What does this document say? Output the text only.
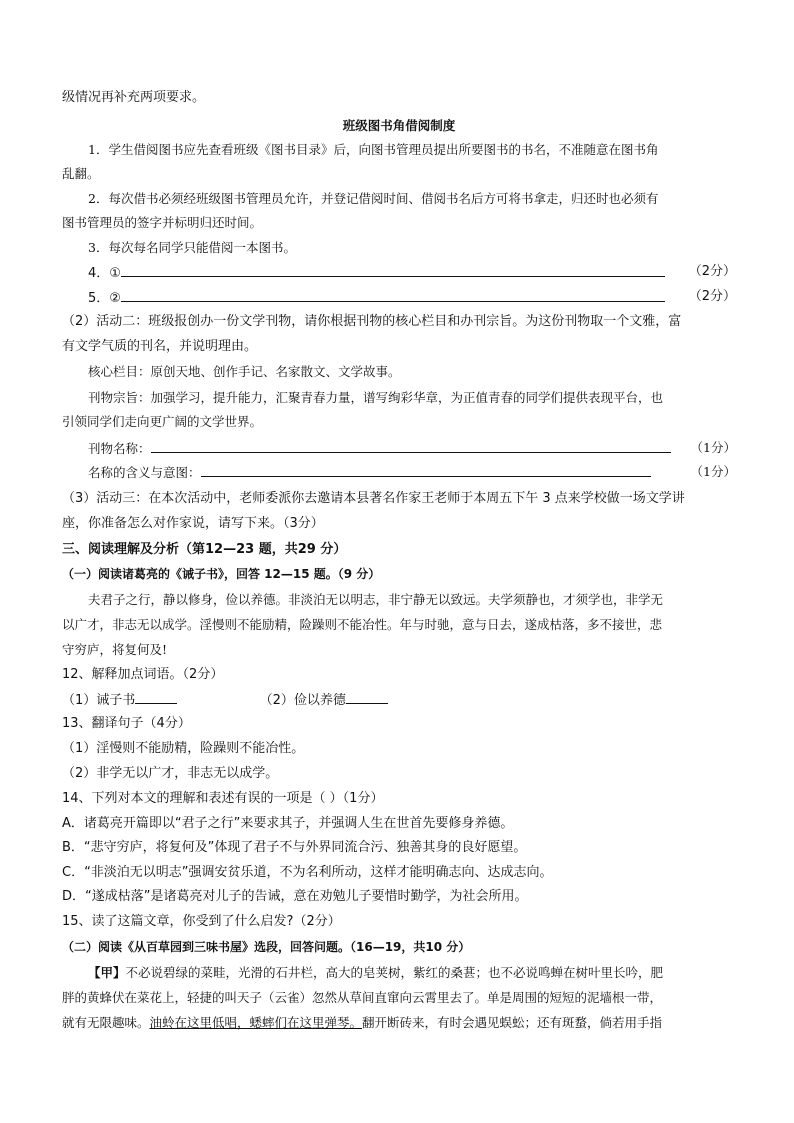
级情况再补充两项要求。
班级图书角借阅制度
1．学生借阅图书应先查看班级《图书目录》后，向图书管理员提出所要图书的书名，不准随意在图书角
乱翻。
2．每次借书必须经班级图书管理员允许，并登记借阅时间、借阅书名后方可将书拿走，归还时也必须有
图书管理员的签字并标明归还时间。
3．每次每名同学只能借阅一本图书。
4．①	（2分）
5．②	（2分）
（2）活动二：班级报创办一份文学刊物，请你根据刊物的核心栏目和办刊宗旨。为这份刊物取一个文雅，富
有文学气质的刊名，并说明理由。
核心栏目：原创天地、创作手记、名家散文、文学故事。
刊物宗旨：加强学习，提升能力，汇聚青春力量，谱写绚彩华章，为正值青春的同学们提供表现平台，也
引领同学们走向更广阔的文学世界。
刊物名称：	（1分）
名称的含义与意图：	（1分）
（3）活动三：在本次活动中，老师委派你去邀请本县著名作家王老师于本周五下午 3 点来学校做一场文学讲
座，你准备怎么对作家说，请写下来。（3分）
三、阅读理解及分析（第12—23 题，共29 分）
（一）阅读诸葛亮的《诫子书》，回答 12—15 题。（9 分）
夫君子之行，静以修身，俭以养德。非淡泊无以明志，非宁静无以致远。夫学须静也，才须学也，非学无
以广才，非志无以成学。淫慢则不能励精，险躁则不能冶性。年与时驰，意与日去，遂成枯落，多不接世，悲
守穷庐，将复何及!
12、解释加点词语。（2分）
（1）诫子书	（2）俭以养德
13、翻译句子（4分）
（1）淫慢则不能励精，险躁则不能冶性。
（2）非学无以广才，非志无以成学。
14、下列对本文的理解和表述有误的一项是（ ）（1分）
A．诸葛亮开篇即以“君子之行”来要求其子，并强调人生在世首先要修身养德。
B．“悲守穷庐，将复何及”体现了君子不与外界同流合污、独善其身的良好愿望。
C．“非淡泊无以明志”强调安贫乐道，不为名利所动，这样才能明确志向、达成志向。
D．“遂成枯落”是诸葛亮对儿子的告诫，意在劝勉儿子要惜时勤学，为社会所用。
15、读了这篇文章，你受到了什么启发?（2分）
（二）阅读《从百草园到三味书屋》选段，回答问题。（16—19，共10 分）
【甲】不必说碧绿的菜畦，光滑的石井栏，高大的皂荚树，紫红的桑葚；也不必说鸣蝉在树叶里长吟，肥
胖的黄蜂伏在菜花上，轻捷的叫天子（云雀）忽然从草间直窜向云霄里去了。单是周围的短短的泥墙根一带，
就有无限趣味。油蛉在这里低唱，蟋蟀们在这里弹琴。翻开断砖来，有时会遇见蜈蚣；还有斑蝥，倘若用手指
